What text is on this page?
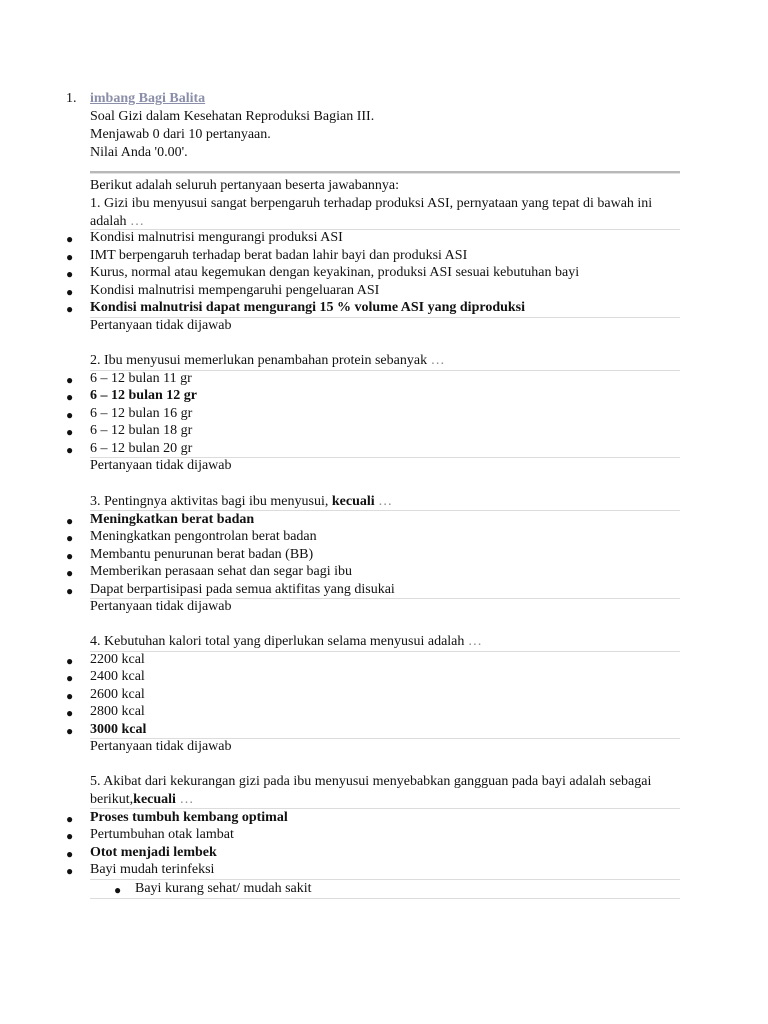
1. imbang Bagi Balita
Soal Gizi dalam Kesehatan Reproduksi Bagian III.
Menjawab 0 dari 10 pertanyaan.
Nilai Anda '0.00'.
Berikut adalah seluruh pertanyaan beserta jawabannya:
1. Gizi ibu menyusui sangat berpengaruh terhadap produksi ASI, pernyataan yang tepat di bawah ini adalah …
● Kondisi malnutrisi mengurangi produksi ASI
● IMT berpengaruh terhadap berat badan lahir bayi dan produksi ASI
● Kurus, normal atau kegemukan dengan keyakinan, produksi ASI sesuai kebutuhan bayi
● Kondisi malnutrisi mempengaruhi pengeluaran ASI
● Kondisi malnutrisi dapat mengurangi 15 % volume ASI yang diproduksi
Pertanyaan tidak dijawab
2. Ibu menyusui memerlukan penambahan protein sebanyak …
● 6 – 12 bulan 11 gr
● 6 – 12 bulan 12 gr
● 6 – 12 bulan 16 gr
● 6 – 12 bulan 18 gr
● 6 – 12 bulan 20 gr
Pertanyaan tidak dijawab
3. Pentingnya aktivitas bagi ibu menyusui, kecuali …
● Meningkatkan berat badan
● Meningkatkan pengontrolan berat badan
● Membantu penurunan berat badan (BB)
● Memberikan perasaan sehat dan segar bagi ibu
● Dapat berpartisipasi pada semua aktifitas yang disukai
Pertanyaan tidak dijawab
4. Kebutuhan kalori total yang diperlukan selama menyusui adalah …
● 2200 kcal
● 2400 kcal
● 2600 kcal
● 2800 kcal
● 3000 kcal
Pertanyaan tidak dijawab
5. Akibat dari kekurangan gizi pada ibu menyusui menyebabkan gangguan pada bayi adalah sebagai berikut,kecuali …
● Proses tumbuh kembang optimal
● Pertumbuhan otak lambat
● Otot menjadi lembek
● Bayi mudah terinfeksi
● Bayi kurang sehat/ mudah sakit
